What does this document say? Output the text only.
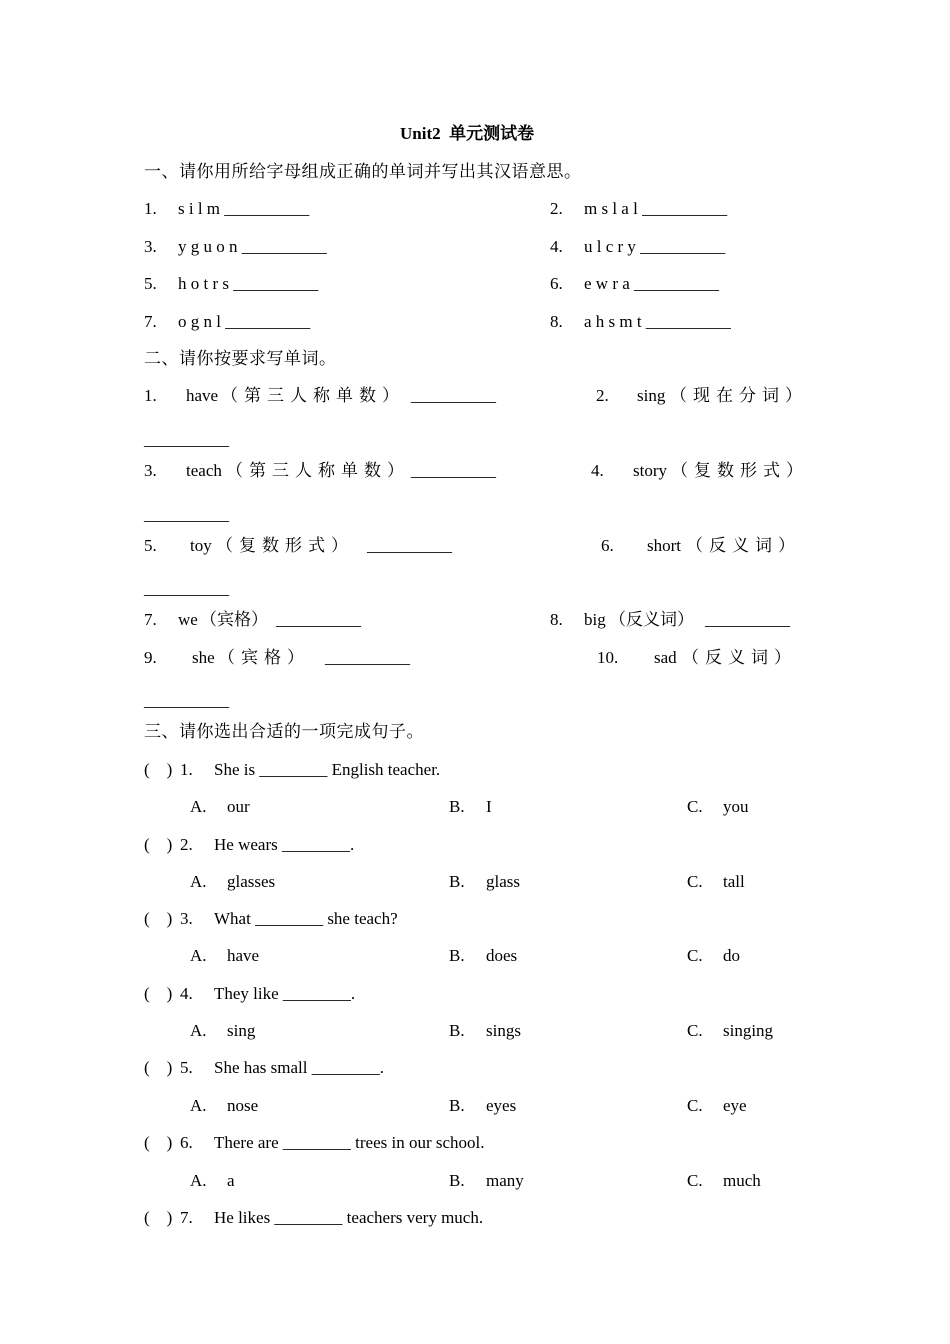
Unit2  单元测试卷
一、请你用所给字母组成正确的单词并写出其汉语意思。
1. s i l m __________	2. m s l a l __________
3. y g u o n __________	4. u l c r y __________
5. h o t r s __________	6. e w r a __________
7. o g n l __________	8. a h s m t __________
二、请你按要求写单词。
1. have （第三人称单数） __________	2. sing （现在分词）
__________
3. teach （第三人称单数） __________	4. story （复数形式）
__________
5. toy （复数形式） __________	6. short （反义词）
__________
7. we （宾格） __________	8. big （反义词） __________
9. she （宾格） __________	10. sad （反义词）
__________
三、请你选出合适的一项完成句子。
(    ) 1. She is ________ English teacher.
A. our	B. I	C. you
(    ) 2. He wears ________.
A. glasses	B. glass	C. tall
(    ) 3. What ________ she teach?
A. have	B. does	C. do
(    ) 4. They like ________.
A. sing	B. sings	C. singing
(    ) 5. She has small ________.
A. nose	B. eyes	C. eye
(    ) 6. There are ________ trees in our school.
A. a	B. many	C. much
(    ) 7. He likes ________ teachers very much.
